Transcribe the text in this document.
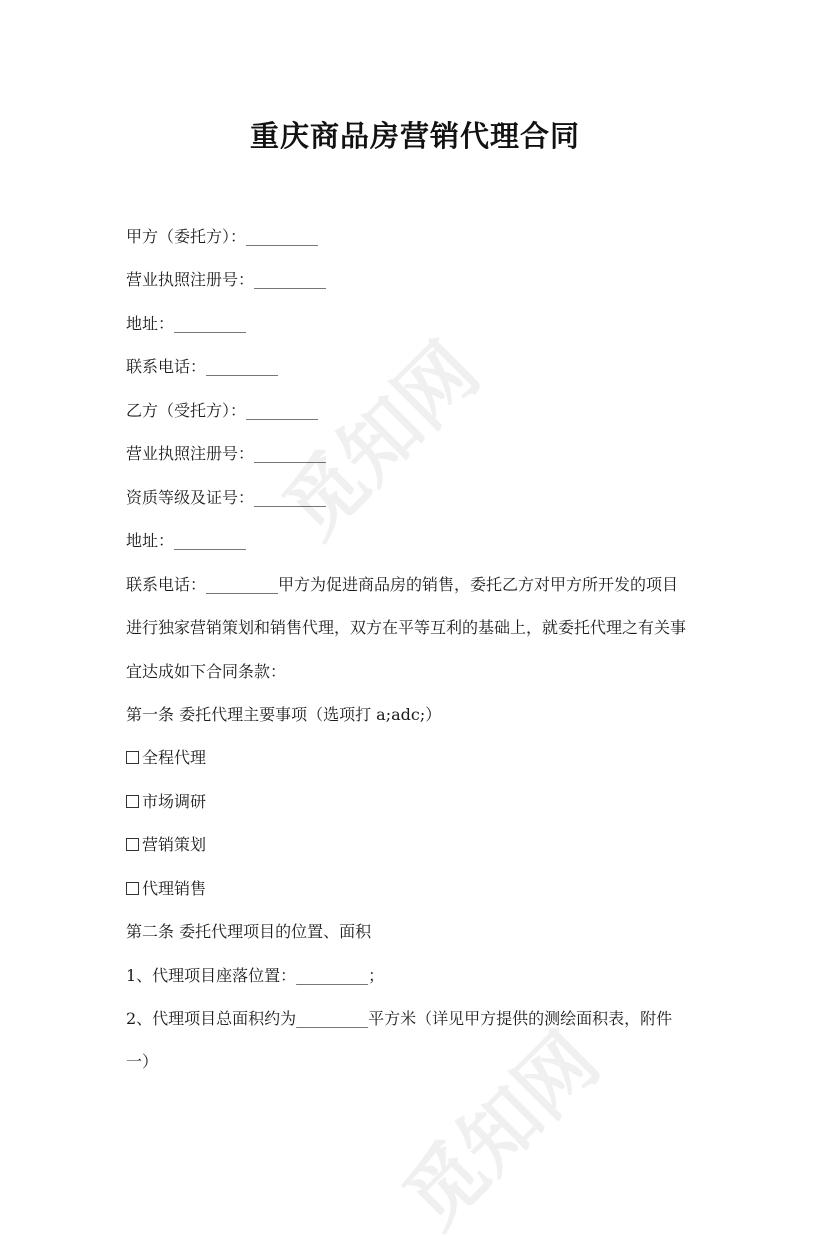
觅知网
觅知网
重庆商品房营销代理合同
甲方（委托方）：_________
营业执照注册号：_________
地址：_________
联系电话：_________
乙方（受托方）：_________
营业执照注册号：_________
资质等级及证号：_________
地址：_________
联系电话：_________甲方为促进商品房的销售，委托乙方对甲方所开发的项目
进行独家营销策划和销售代理，双方在平等互利的基础上，就委托代理之有关事
宜达成如下合同条款：
第一条 委托代理主要事项（选项打 a;adc;）
全程代理
市场调研
营销策划
代理销售
第二条 委托代理项目的位置、面积
1、代理项目座落位置：_________；
2、代理项目总面积约为_________平方米（详见甲方提供的测绘面积表，附件
一）
